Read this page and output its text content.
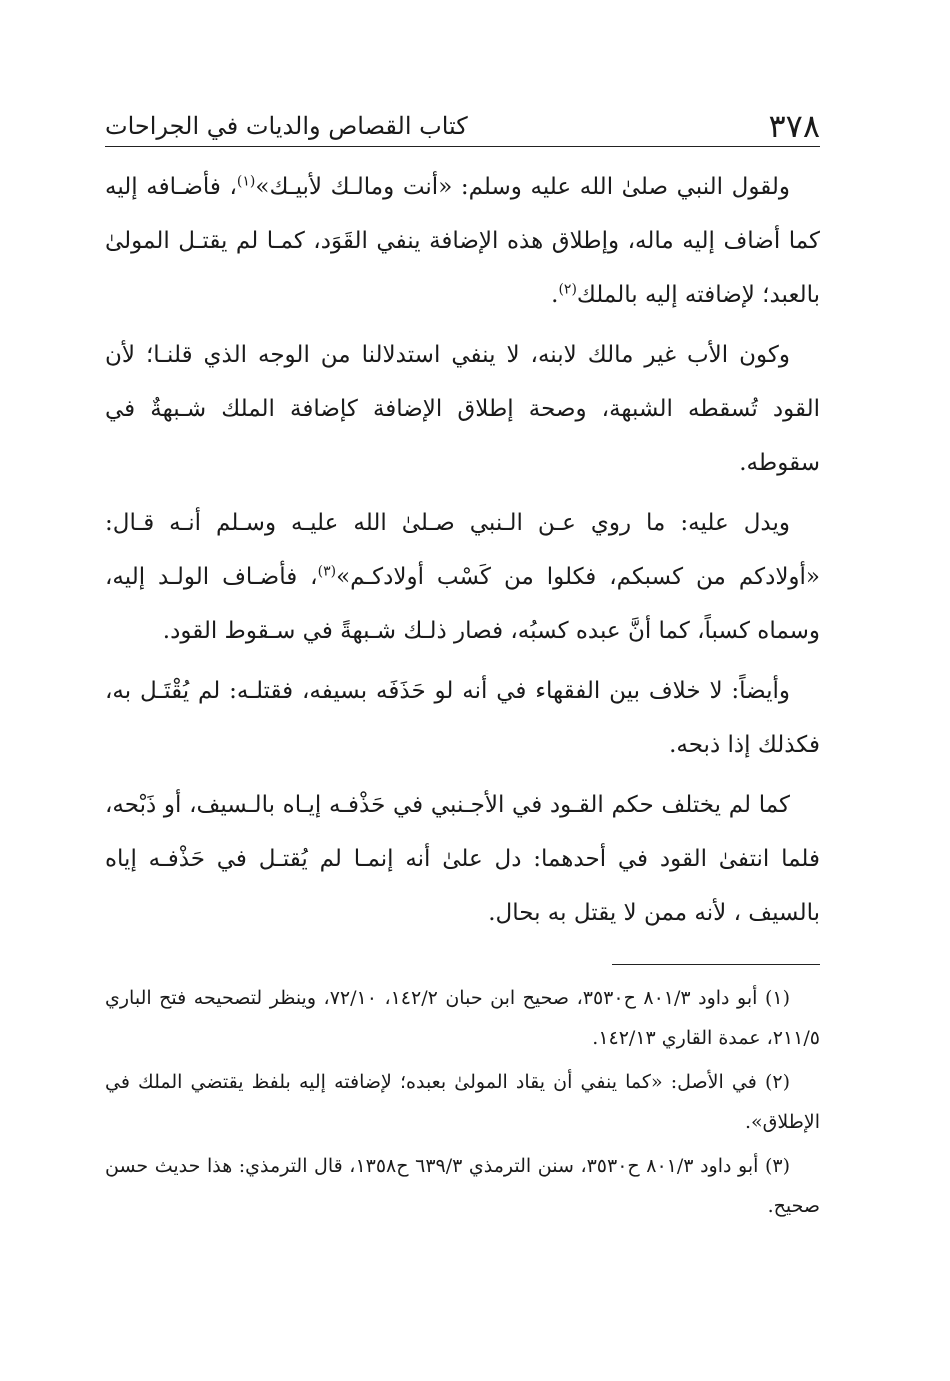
٣٧٨
كتاب القصاص والديات في الجراحات

ولقول النبي صلىٰ الله عليه وسلم: «أنت ومالـك لأبيـك»$^{(١)}$، فأضـافه إليه كما أضاف إليه ماله، وإطلاق هذه الإضافة ينفي القَوَد، كمـا لم يقتـل المولىٰ بالعبد؛ لإضافته إليه بالملك$^{(٢)}$.

وكون الأب غير مالك لابنه، لا ينفي استدلالنا من الوجه الذي قلنـا؛ لأن القود تُسقطه الشبهة، وصحة إطلاق الإضافة كإضافة الملك شـبهةٌ في سقوطه.

ويدل عليه: ما روي عـن الـنبي صـلىٰ الله عليـه وسـلم أنـه قـال: «أولادكم من كسبكم، فكلوا من كَسْب أولادكـم»$^{(٣)}$، فأضـاف الولـد إليه، وسماه كسباً، كما أنَّ عبده كسبُه، فصار ذلـك شـبهةً في سـقوط القود.

وأيضاً: لا خلاف بين الفقهاء في أنه لو حَذَفَه بسيفه، فقتلـه: لم يُقْتَـل به، فكذلك إذا ذبحه.

كما لم يختلف حكم القـود في الأجـنبي في حَذْفـه إيـاه بالـسيف، أو ذَبْحه، فلما انتفىٰ القود في أحدهما: دل علىٰ أنه إنمـا لم يُقتـل في حَذْفـه إياه بالسيف ، لأنه ممن لا يقتل به بحال.

(١) أبو داود ٨٠١/٣ ح٣٥٣٠، صحيح ابن حبان ١٤٢/٢، ٧٢/١٠، وينظر لتصحيحه فتح الباري ٢١١/٥، عمدة القاري ١٤٢/١٣.

(٢) في الأصل: «كما ينفي أن يقاد المولىٰ بعبده؛ لإضافته إليه بلفظ يقتضي الملك في الإطلاق».

(٣) أبو داود ٨٠١/٣ ح٣٥٣٠، سنن الترمذي ٦٣٩/٣ ح١٣٥٨، قال الترمذي: هذا حديث حسن صحيح.
